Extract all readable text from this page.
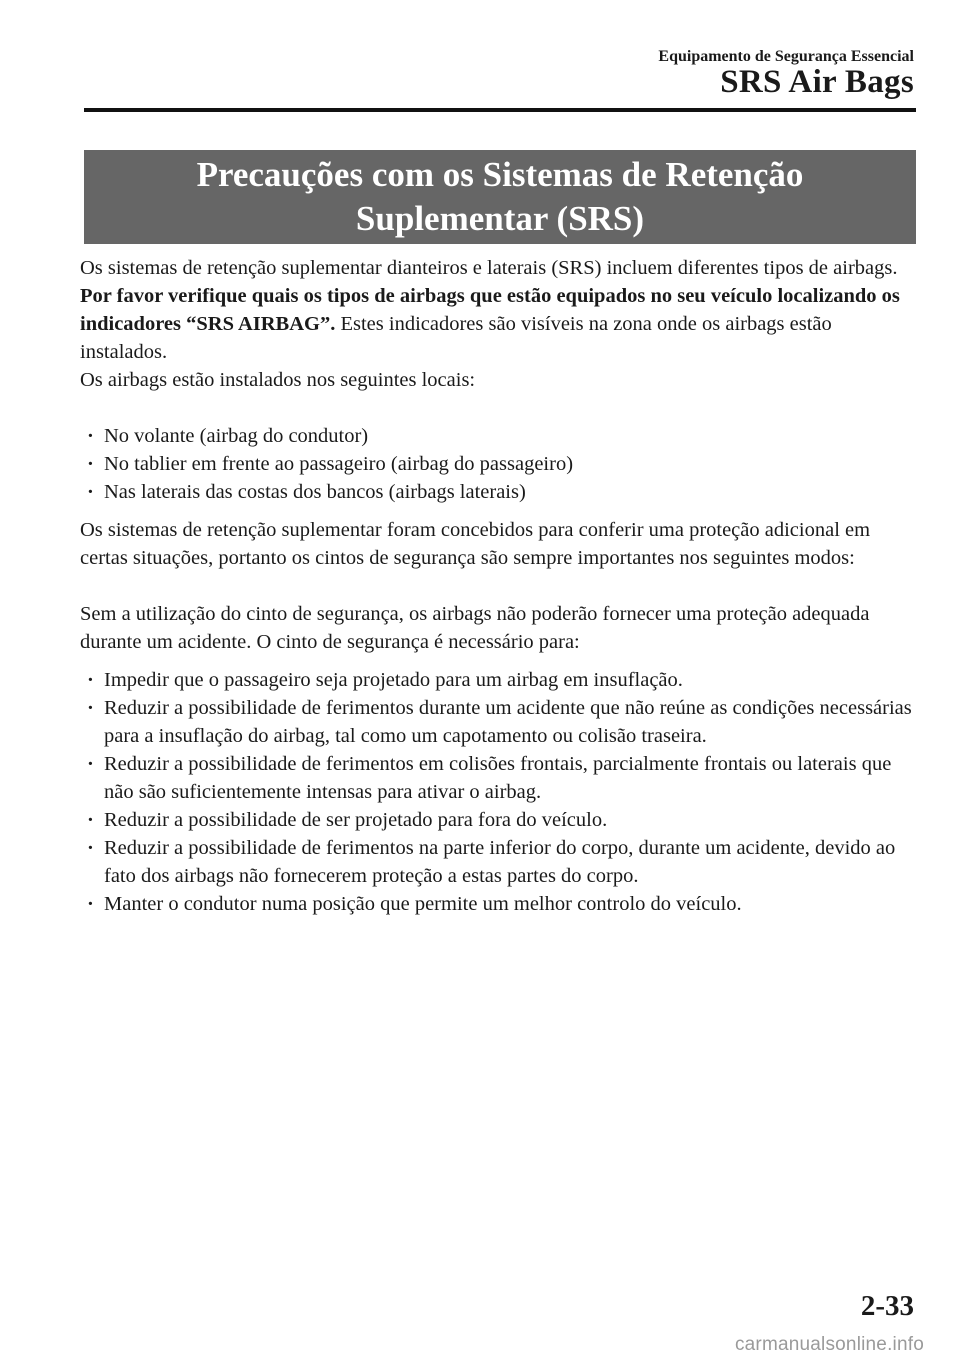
Equipamento de Segurança Essencial
SRS Air Bags
Precauções com os Sistemas de Retenção Suplementar (SRS)

Os sistemas de retenção suplementar dianteiros e laterais (SRS) incluem diferentes tipos de airbags. Por favor verifique quais os tipos de airbags que estão equipados no seu veículo localizando os indicadores “SRS AIRBAG”. Estes indicadores são visíveis na zona onde os airbags estão instalados.

Os airbags estão instalados nos seguintes locais:

· No volante (airbag do condutor)
· No tablier em frente ao passageiro (airbag do passageiro)
· Nas laterais das costas dos bancos (airbags laterais)

Os sistemas de retenção suplementar foram concebidos para conferir uma proteção adicional em certas situações, portanto os cintos de segurança são sempre importantes nos seguintes modos:

Sem a utilização do cinto de segurança, os airbags não poderão fornecer uma proteção adequada durante um acidente. O cinto de segurança é necessário para:

· Impedir que o passageiro seja projetado para um airbag em insuflação.
· Reduzir a possibilidade de ferimentos durante um acidente que não reúne as condições necessárias para a insuflação do airbag, tal como um capotamento ou colisão traseira.
· Reduzir a possibilidade de ferimentos em colisões frontais, parcialmente frontais ou laterais que não são suficientemente intensas para ativar o airbag.
· Reduzir a possibilidade de ser projetado para fora do veículo.
· Reduzir a possibilidade de ferimentos na parte inferior do corpo, durante um acidente, devido ao fato dos airbags não fornecerem proteção a estas partes do corpo.
· Manter o condutor numa posição que permite um melhor controlo do veículo.
2-33
carmanualsonline.info
